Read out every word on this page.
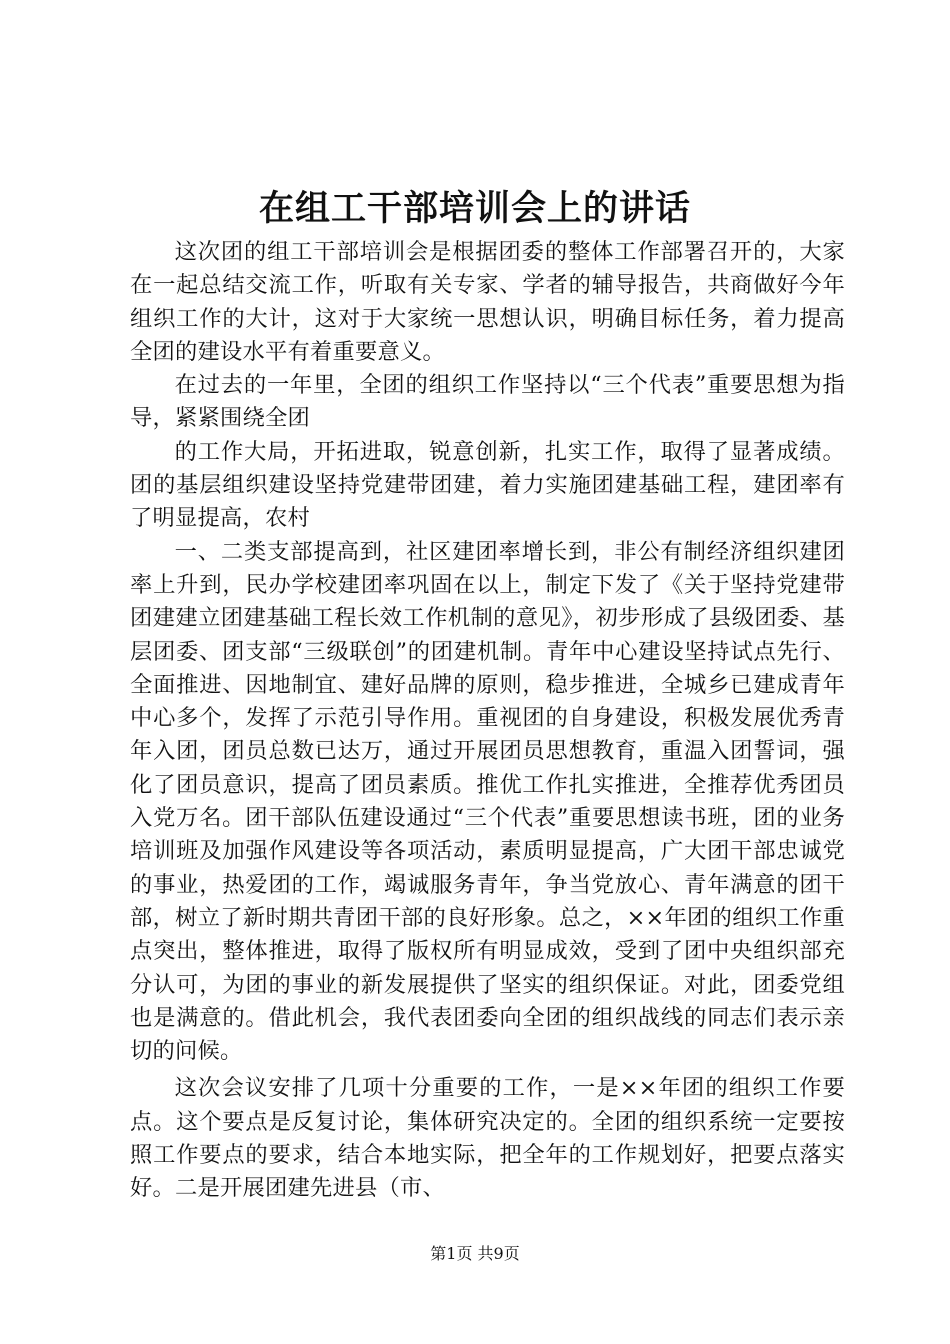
在组工干部培训会上的讲话

这次团的组工干部培训会是根据团委的整体工作部署召开的，大家在一起总结交流工作，听取有关专家、学者的辅导报告，共商做好今年组织工作的大计，这对于大家统一思想认识，明确目标任务，着力提高全团的建设水平有着重要意义。

在过去的一年里，全团的组织工作坚持以“三个代表”重要思想为指导，紧紧围绕全团

的工作大局，开拓进取，锐意创新，扎实工作，取得了显著成绩。团的基层组织建设坚持党建带团建，着力实施团建基础工程，建团率有了明显提高，农村

一、二类支部提高到，社区建团率增长到，非公有制经济组织建团率上升到，民办学校建团率巩固在以上，制定下发了《关于坚持党建带团建建立团建基础工程长效工作机制的意见》，初步形成了县级团委、基层团委、团支部“三级联创”的团建机制。青年中心建设坚持试点先行、全面推进、因地制宜、建好品牌的原则，稳步推进，全城乡已建成青年中心多个，发挥了示范引导作用。重视团的自身建设，积极发展优秀青年入团，团员总数已达万，通过开展团员思想教育，重温入团誓词，强化了团员意识，提高了团员素质。推优工作扎实推进，全推荐优秀团员入党万名。团干部队伍建设通过“三个代表”重要思想读书班，团的业务培训班及加强作风建设等各项活动，素质明显提高，广大团干部忠诚党的事业，热爱团的工作，竭诚服务青年，争当党放心、青年满意的团干部，树立了新时期共青团干部的良好形象。总之，××年团的组织工作重点突出，整体推进，取得了版权所有明显成效，受到了团中央组织部充分认可，为团的事业的新发展提供了坚实的组织保证。对此，团委党组也是满意的。借此机会，我代表团委向全团的组织战线的同志们表示亲切的问候。

这次会议安排了几项十分重要的工作，一是××年团的组织工作要点。这个要点是反复讨论，集体研究决定的。全团的组织系统一定要按照工作要点的要求，结合本地实际，把全年的工作规划好，把要点落实好。二是开展团建先进县（市、

第1页 共9页
